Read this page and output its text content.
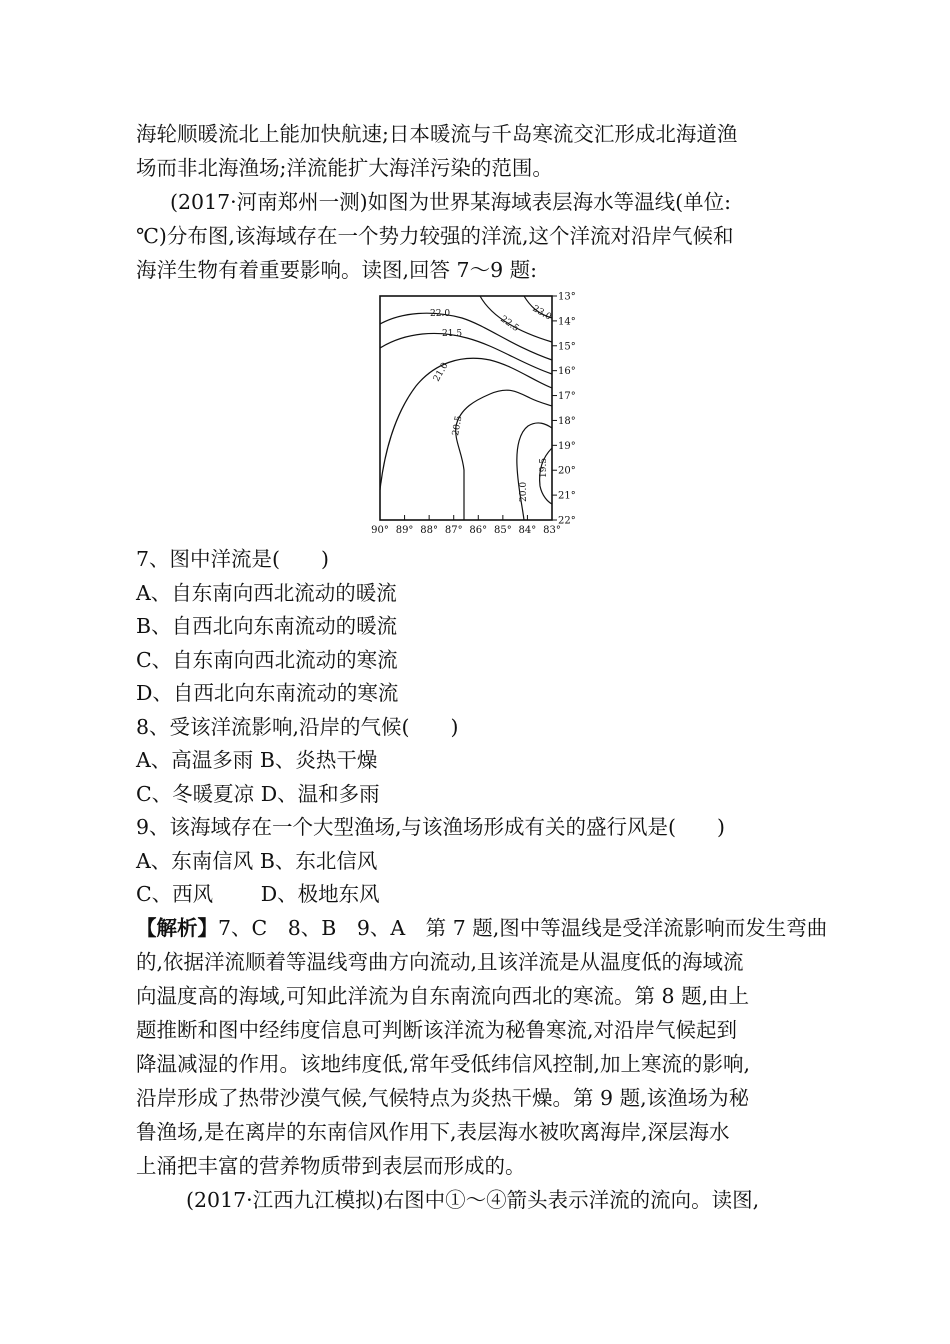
海轮顺暖流北上能加快航速;日本暖流与千岛寒流交汇形成北海道渔
场而非北海渔场;洋流能扩大海洋污染的范围。
(2017·河南郑州一测)如图为世界某海域表层海水等温线(单位:
℃)分布图,该海域存在一个势力较强的洋流,这个洋流对沿岸气候和
海洋生物有着重要影响。读图,回答 7～9 题:
13°
14°
15°
16°
17°
18°
19°
20°
21°
22°
90° 89° 88° 87° 86° 85° 84° 83°
23.0
22.5
22.0
21.5
21.0
20.5
20.0
19.5
7、图中洋流是(　　)
A、自东南向西北流动的暖流
B、自西北向东南流动的暖流
C、自东南向西北流动的寒流
D、自西北向东南流动的寒流
8、受该洋流影响,沿岸的气候(　　)
A、高温多雨 B、炎热干燥
C、冬暖夏凉 D、温和多雨
9、该海域存在一个大型渔场,与该渔场形成有关的盛行风是(　　)
A、东南信风 B、东北信风
C、西风　　 D、极地东风
【解析】7、C　8、B　9、A　第 7 题,图中等温线是受洋流影响而发生弯曲
的,依据洋流顺着等温线弯曲方向流动,且该洋流是从温度低的海域流
向温度高的海域,可知此洋流为自东南流向西北的寒流。第 8 题,由上
题推断和图中经纬度信息可判断该洋流为秘鲁寒流,对沿岸气候起到
降温减湿的作用。该地纬度低,常年受低纬信风控制,加上寒流的影响,
沿岸形成了热带沙漠气候,气候特点为炎热干燥。第 9 题,该渔场为秘
鲁渔场,是在离岸的东南信风作用下,表层海水被吹离海岸,深层海水
上涌把丰富的营养物质带到表层而形成的。
(2017·江西九江模拟)右图中①～④箭头表示洋流的流向。读图,
